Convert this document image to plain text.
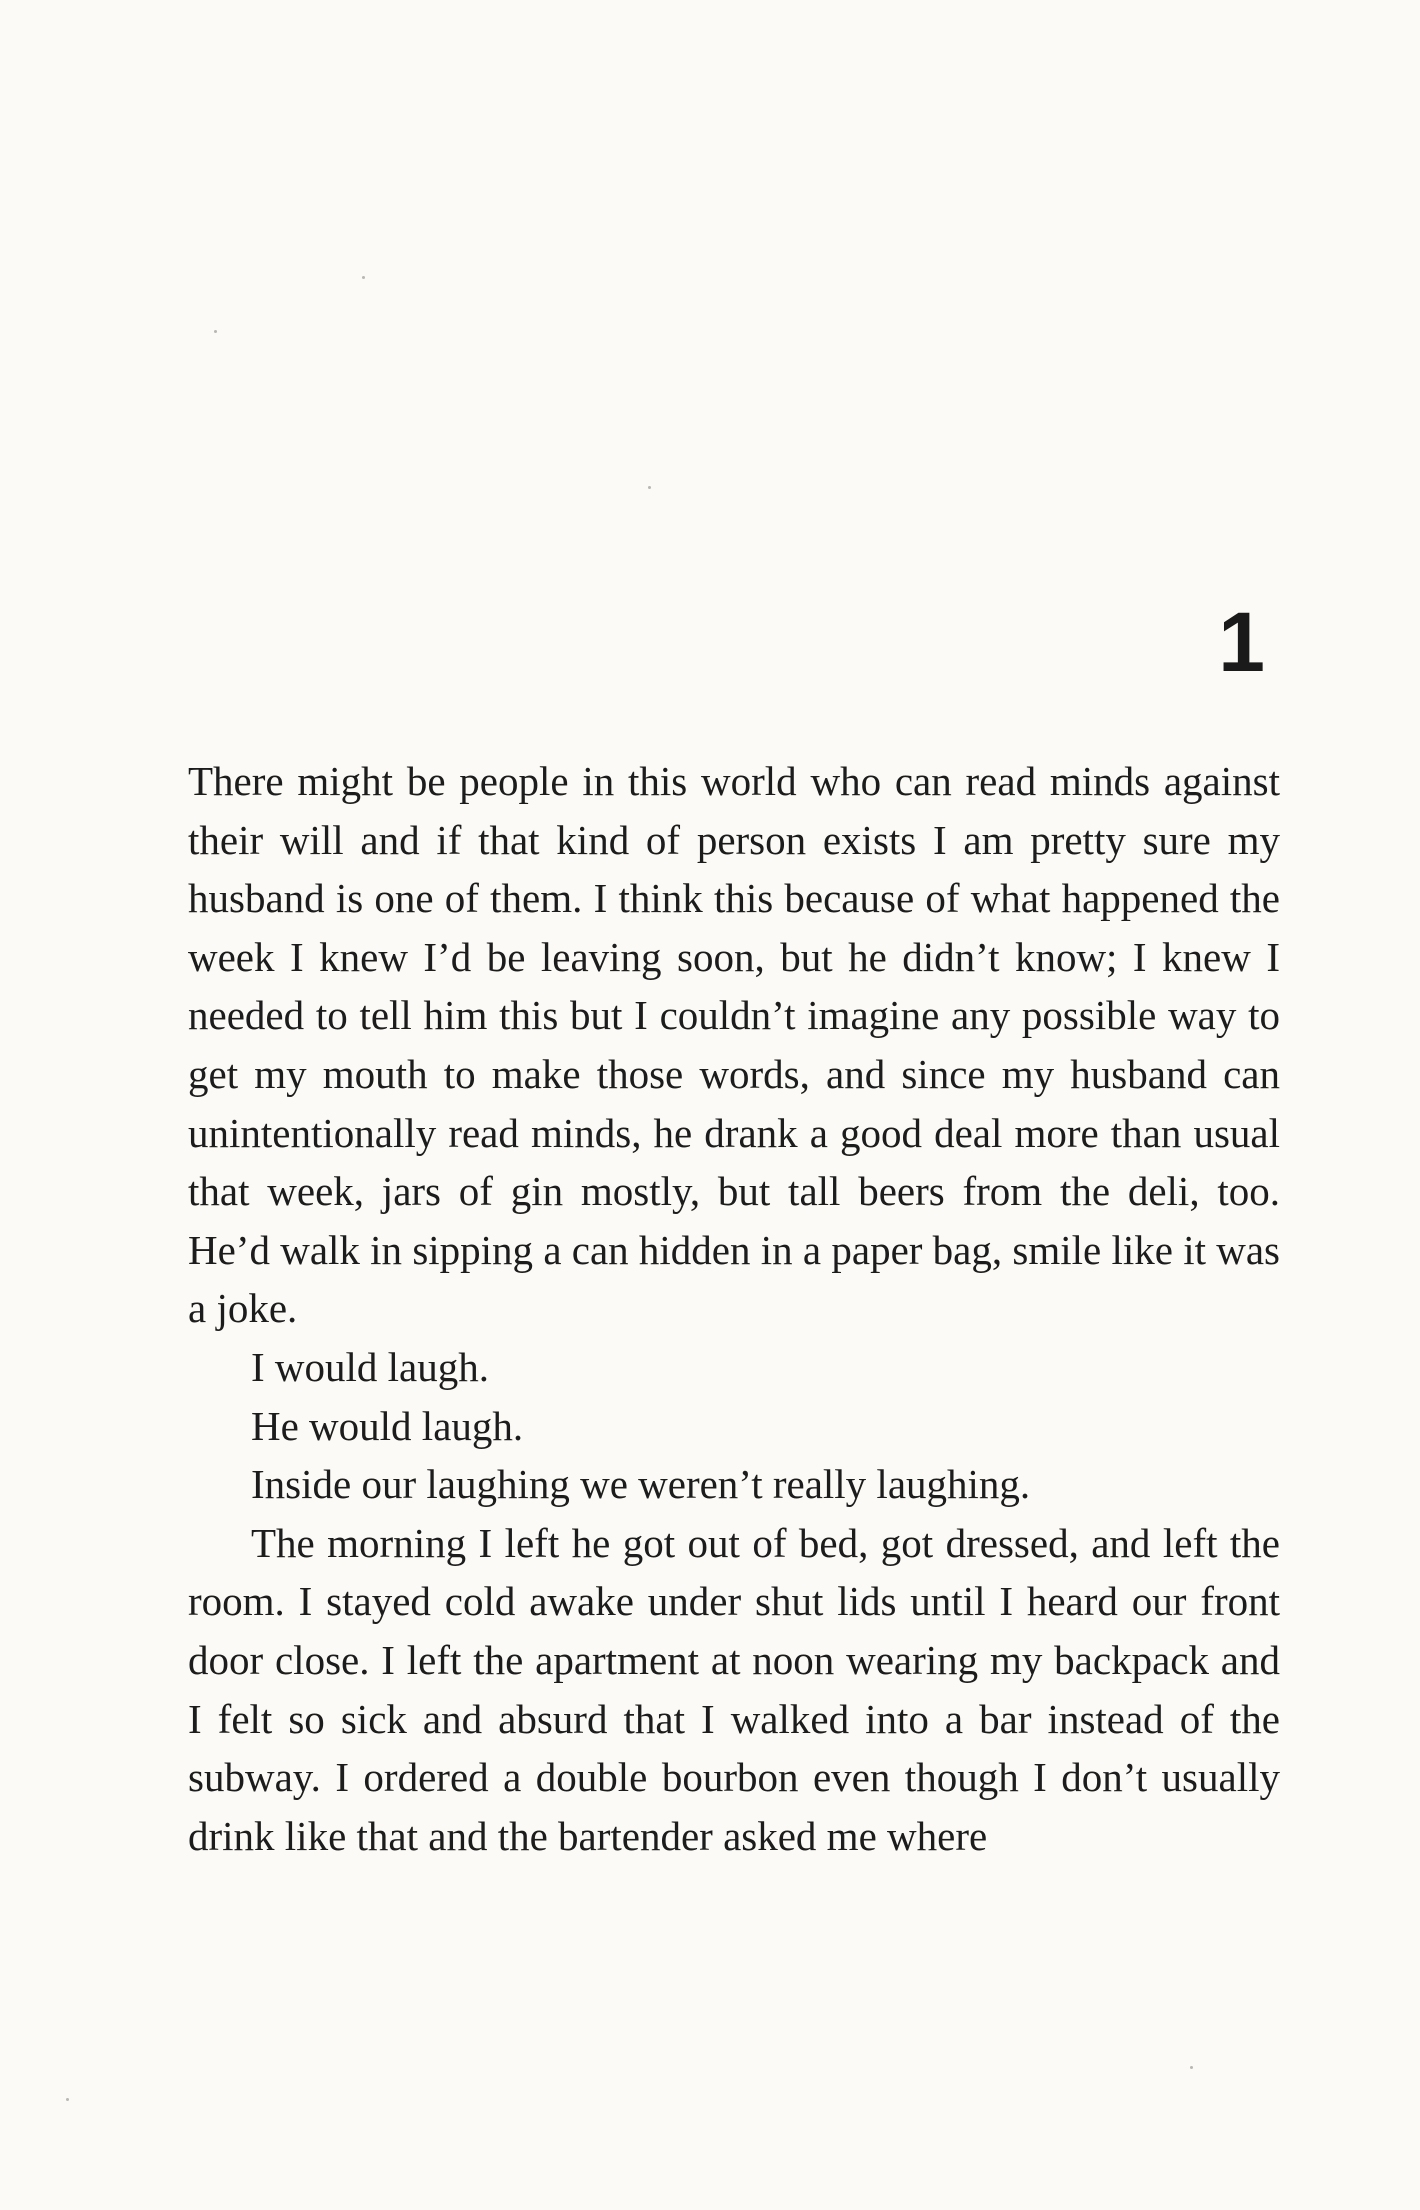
1

There might be people in this world who can read minds against their will and if that kind of person exists I am pretty sure my husband is one of them. I think this because of what happened the week I knew I’d be leaving soon, but he didn’t know; I knew I needed to tell him this but I couldn’t imagine any possible way to get my mouth to make those words, and since my husband can unintentionally read minds, he drank a good deal more than usual that week, jars of gin mostly, but tall beers from the deli, too. He’d walk in sipping a can hidden in a paper bag, smile like it was a joke.

I would laugh.

He would laugh.

Inside our laughing we weren’t really laughing.

The morning I left he got out of bed, got dressed, and left the room. I stayed cold awake under shut lids until I heard our front door close. I left the apartment at noon wearing my backpack and I felt so sick and absurd that I walked into a bar instead of the subway. I ordered a double bourbon even though I don’t usually drink like that and the bartender asked me where
